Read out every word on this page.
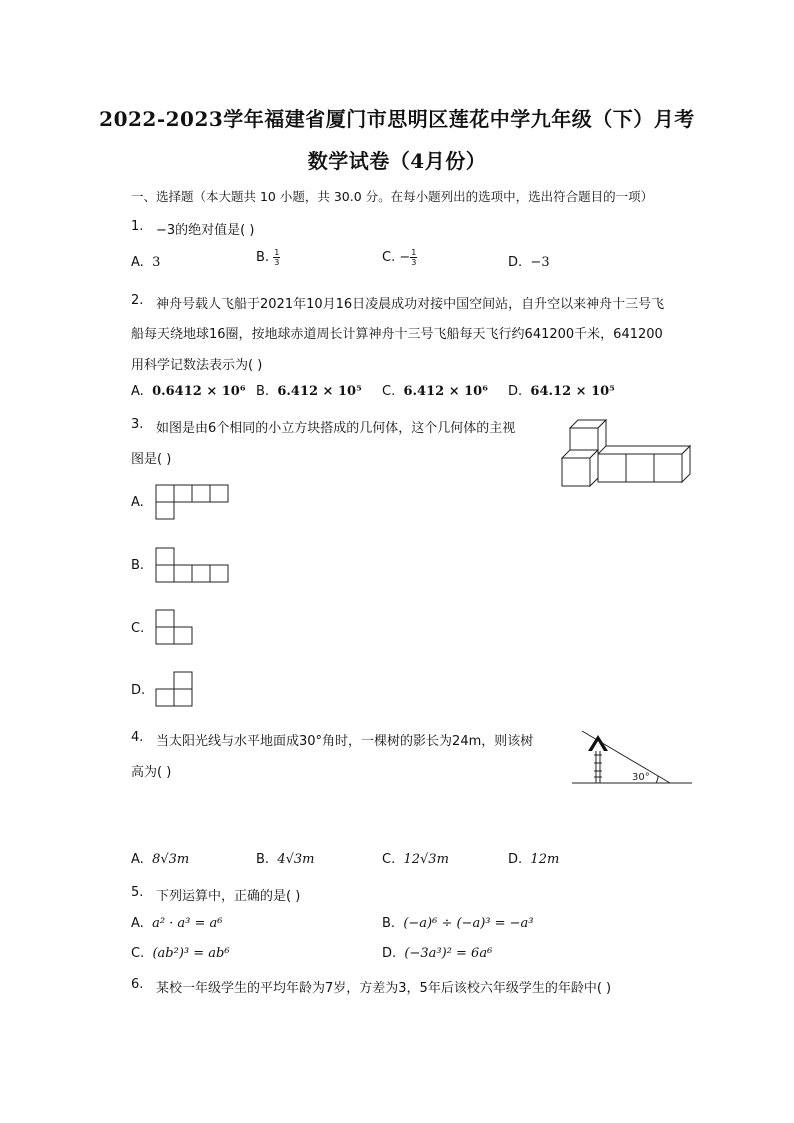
2022-2023学年福建省厦门市思明区莲花中学九年级（下）月考
数学试卷（4月份）
一、选择题（本大题共 10 小题，共 30.0 分。在每小题列出的选项中，选出符合题目的一项）
1. −3的绝对值是( )
A. 3	B. $\frac{1}{3}$	C. − $\frac{1}{3}$	D. −3
2. 神舟号载人飞船于2021年10月16日凌晨成功对接中国空间站，自升空以来神舟十三号飞
船每天绕地球16圈，按地球赤道周长计算神舟十三号飞船每天飞行约641200千米，641200
用科学记数法表示为( )
A. 0.6412 × 10⁶ B. 6.412 × 10⁵ C. 6.412 × 10⁶ D. 64.12 × 10⁵
3. 如图是由6个相同的小立方块搭成的几何体，这个几何体的主视
图是( )
A.
B.
C.
D.
4. 当太阳光线与水平地面成30°角时，一棵树的影长为24m，则该树
高为( )	30°
A. 8√3m	B. 4√3m	C. 12√3m	D. 12m
5. 下列运算中，正确的是( )
A. a² · a³ = a⁶	B. (−a)⁶ ÷ (−a)³ = −a³
C. (ab²)³ = ab⁶	D. (−3a³)² = 6a⁶
6. 某校一年级学生的平均年龄为7岁，方差为3，5年后该校六年级学生的年龄中( )
